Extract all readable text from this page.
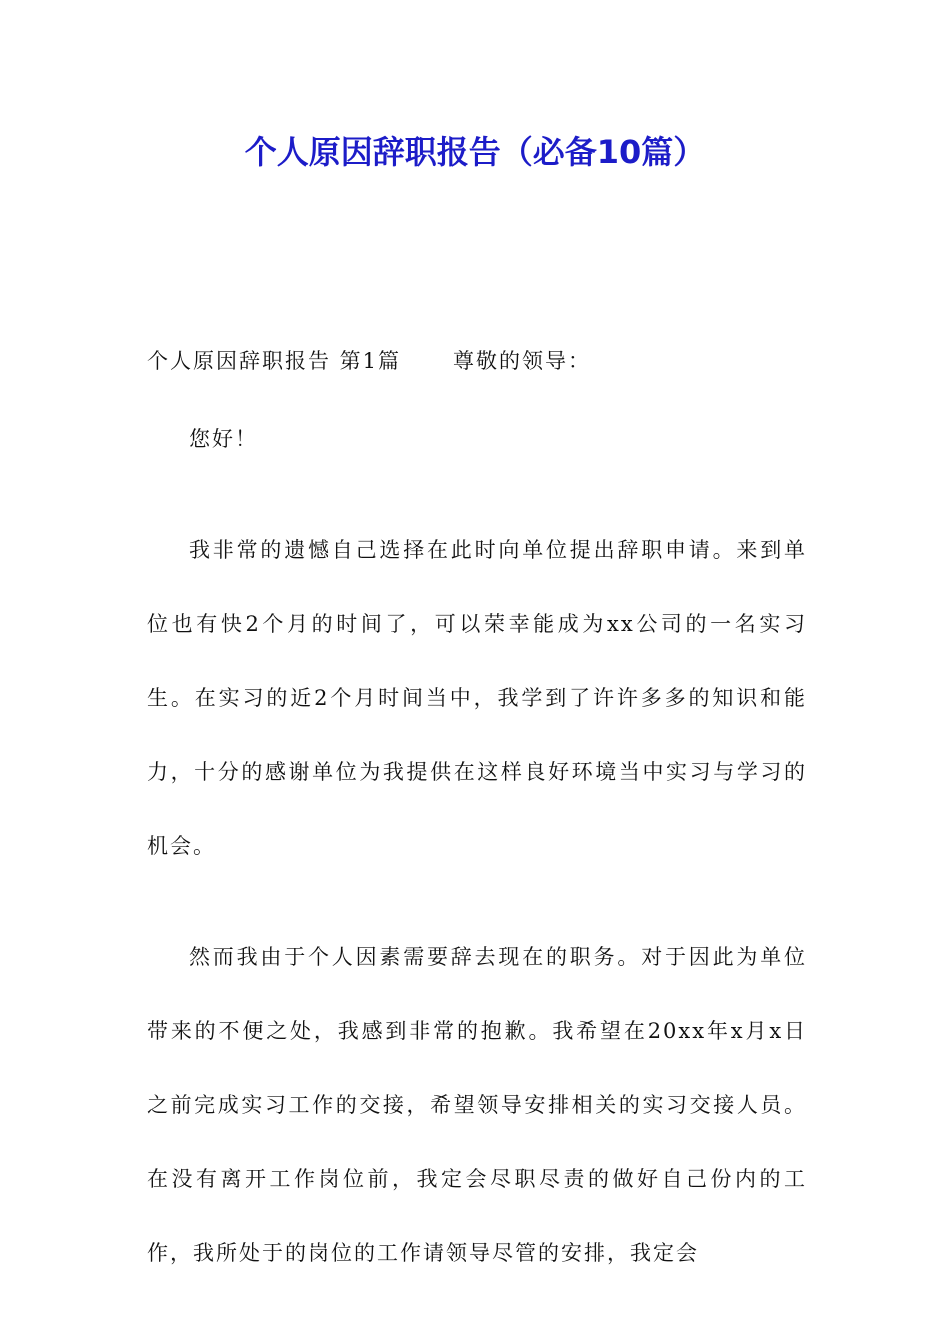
个人原因辞职报告（必备10篇）

个人原因辞职报告 第1篇 尊敬的领导：

您好！

我非常的遗憾自己选择在此时向单位提出辞职申请。来到单位也有快2个月的时间了，可以荣幸能成为xx公司的一名实习生。在实习的近2个月时间当中，我学到了许许多多的知识和能力，十分的感谢单位为我提供在这样良好环境当中实习与学习的机会。

然而我由于个人因素需要辞去现在的职务。对于因此为单位带来的不便之处，我感到非常的抱歉。我希望在20xx年x月x日之前完成实习工作的交接，希望领导安排相关的实习交接人员。在没有离开工作岗位前，我定会尽职尽责的做好自己份内的工作，我所处于的岗位的工作请领导尽管的安排，我定会
